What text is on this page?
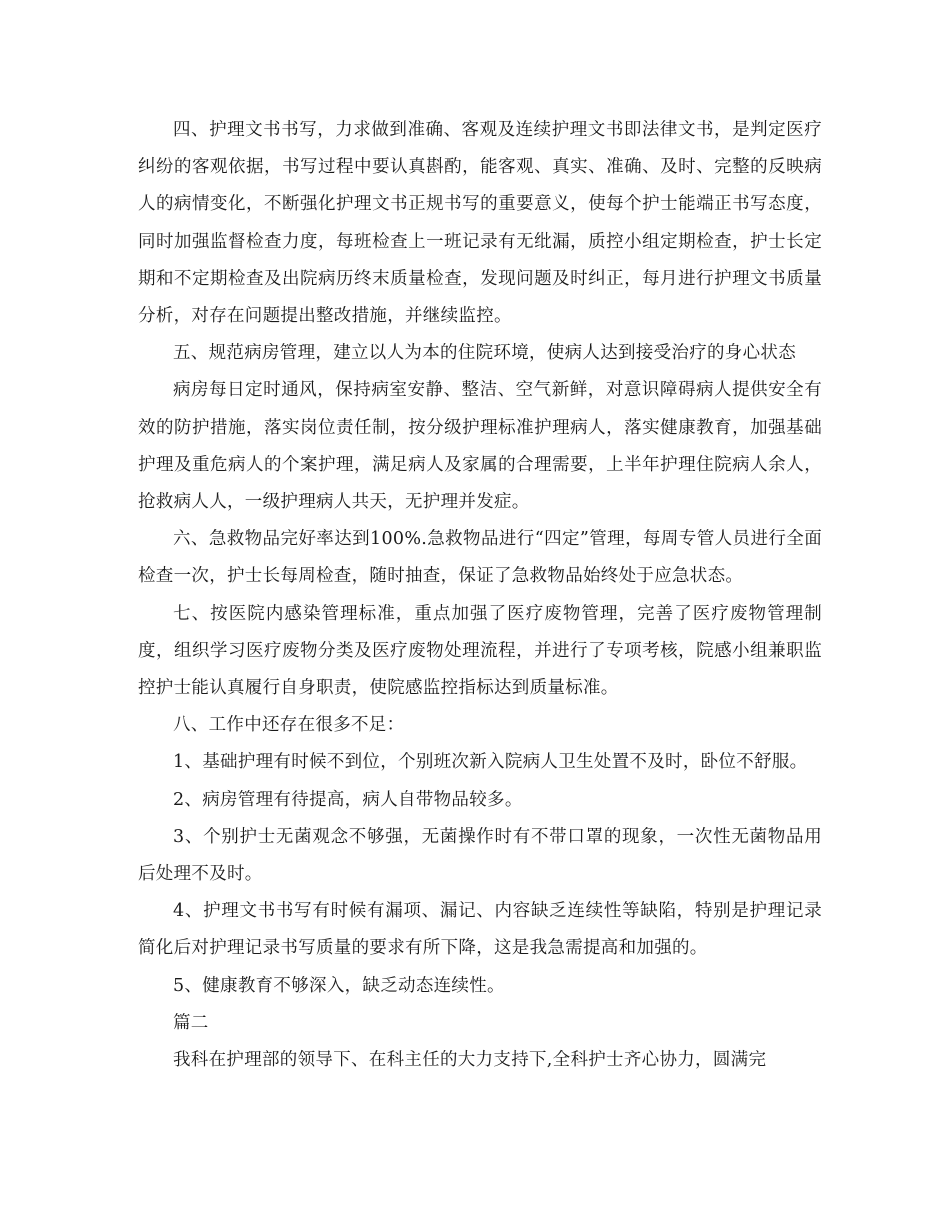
四、护理文书书写，力求做到准确、客观及连续护理文书即法律文书，是判定医疗纠纷的客观依据，书写过程中要认真斟酌，能客观、真实、准确、及时、完整的反映病人的病情变化，不断强化护理文书正规书写的重要意义，使每个护士能端正书写态度，同时加强监督检查力度，每班检查上一班记录有无纰漏，质控小组定期检查，护士长定期和不定期检查及出院病历终末质量检查，发现问题及时纠正，每月进行护理文书质量分析，对存在问题提出整改措施，并继续监控。

五、规范病房管理，建立以人为本的住院环境，使病人达到接受治疗的身心状态

病房每日定时通风，保持病室安静、整洁、空气新鲜，对意识障碍病人提供安全有效的防护措施，落实岗位责任制，按分级护理标准护理病人，落实健康教育，加强基础护理及重危病人的个案护理，满足病人及家属的合理需要，上半年护理住院病人余人，抢救病人人，一级护理病人共天，无护理并发症。

六、急救物品完好率达到100%.急救物品进行“四定”管理，每周专管人员进行全面检查一次，护士长每周检查，随时抽查，保证了急救物品始终处于应急状态。

七、按医院内感染管理标准，重点加强了医疗废物管理，完善了医疗废物管理制度，组织学习医疗废物分类及医疗废物处理流程，并进行了专项考核，院感小组兼职监控护士能认真履行自身职责，使院感监控指标达到质量标准。

八、工作中还存在很多不足：

1、基础护理有时候不到位，个别班次新入院病人卫生处置不及时，卧位不舒服。

2、病房管理有待提高，病人自带物品较多。

3、个别护士无菌观念不够强，无菌操作时有不带口罩的现象，一次性无菌物品用后处理不及时。

4、护理文书书写有时候有漏项、漏记、内容缺乏连续性等缺陷，特别是护理记录简化后对护理记录书写质量的要求有所下降，这是我急需提高和加强的。

5、健康教育不够深入，缺乏动态连续性。

篇二

我科在护理部的领导下、在科主任的大力支持下,全科护士齐心协力，圆满完
